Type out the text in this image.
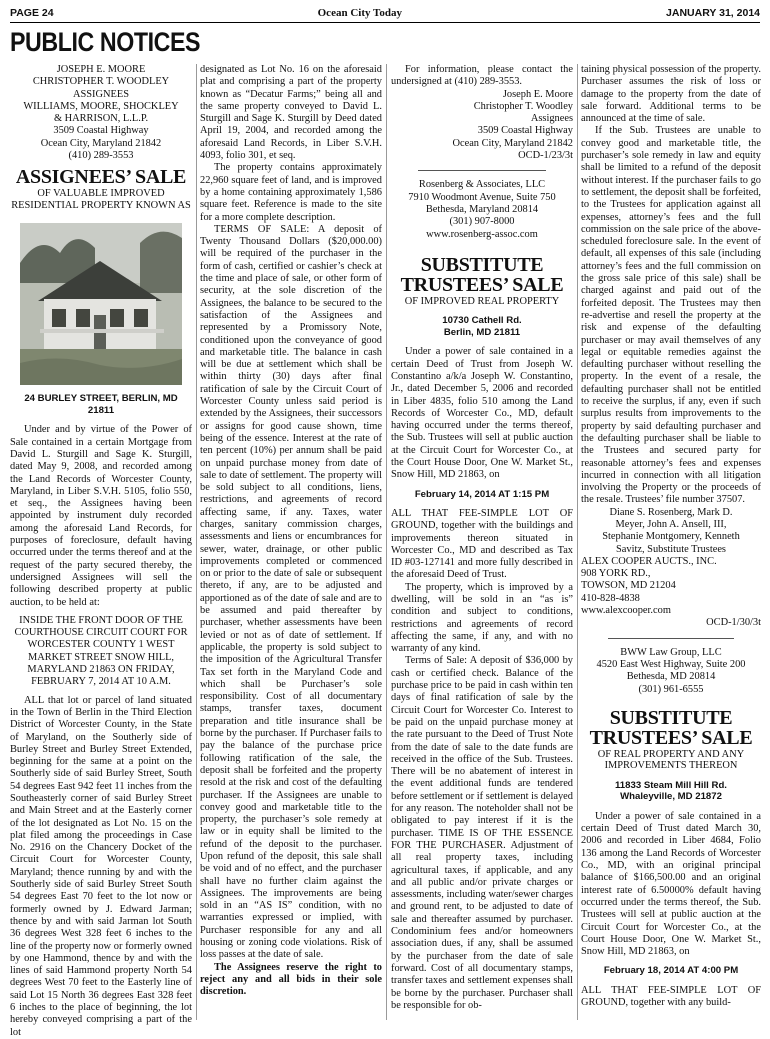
PAGE 24	Ocean City Today	JANUARY 31, 2014
PUBLIC NOTICES
JOSEPH E. MOORE
CHRISTOPHER T. WOODLEY
ASSIGNEES
WILLIAMS, MOORE, SHOCKLEY
& HARRISON, L.L.P.
3509 Coastal Highway
Ocean City, Maryland 21842
(410) 289-3553
ASSIGNEES’ SALE
OF VALUABLE IMPROVED RESIDENTIAL PROPERTY KNOWN AS
24 BURLEY STREET, BERLIN, MD 21811

Under and by virtue of the Power of Sale contained in a certain Mortgage from David L. Sturgill and Sage K. Sturgill, dated May 9, 2008, and recorded among the Land Records of Worcester County, Maryland, in Liber S.V.H. 5105, folio 550, et seq., the Assignees having been appointed by instrument duly recorded among the aforesaid Land Records, for purposes of foreclosure, default having occurred under the terms thereof and at the request of the party secured thereby, the undersigned Assignees will sell the following described property at public auction, to be held at:

INSIDE THE FRONT DOOR OF THE COURTHOUSE CIRCUIT COURT FOR WORCESTER COUNTY 1 WEST MARKET STREET SNOW HILL, MARYLAND 21863 ON FRIDAY, FEBRUARY 7, 2014 AT 10 A.M.

ALL that lot or parcel of land situated in the Town of Berlin in the Third Election District of Worcester County, in the State of Maryland, on the Southerly side of Burley Street and Burley Street Extended, beginning for the same at a point on the Southerly side of said Burley Street, South 54 degrees East 942 feet 11 inches from the Southeasterly corner of said Burley Street and Main Street and at the Easterly corner of the lot designated as Lot No. 15 on the plat filed among the proceedings in Case No. 2916 on the Chancery Docket of the Circuit Court for Worcester County, Maryland; thence running by and with the Southerly side of said Burley Street South 54 degrees East 70 feet to the lot now or formerly owned by J. Edward Jarman; thence by and with said Jarman lot South 36 degrees West 328 feet 6 inches to the line of the property now or formerly owned by one Hammond, thence by and with the lines of said Hammond property North 54 degrees West 70 feet to the Easterly line of said Lot 15 North 36 degrees East 328 feet 6 inches to the place of beginning, the lot hereby conveyed comprising a part of the lot

designated as Lot No. 16 on the aforesaid plat and comprising a part of the property known as “Decatur Farms;” being all and the same property conveyed to David L. Sturgill and Sage K. Sturgill by Deed dated April 19, 2004, and recorded among the aforesaid Land Records, in Liber S.V.H. 4093, folio 301, et seq.

The property contains approximately 22,960 square feet of land, and is improved by a home containing approximately 1,586 square feet. Reference is made to the site for a more complete description.

TERMS OF SALE: A deposit of Twenty Thousand Dollars ($20,000.00) will be required of the purchaser in the form of cash, certified or cashier’s check at the time and place of sale, or other form of security, at the sole discretion of the Assignees, the balance to be secured to the satisfaction of the Assignees and represented by a Promissory Note, conditioned upon the conveyance of good and marketable title. The balance in cash will be due at settlement which shall be within thirty (30) days after final ratification of sale by the Circuit Court of Worcester County unless said period is extended by the Assignees, their successors or assigns for good cause shown, time being of the essence. Interest at the rate of ten percent (10%) per annum shall be paid on unpaid purchase money from date of sale to date of settlement. The property will be sold subject to all conditions, liens, restrictions, and agreements of record affecting same, if any. Taxes, water charges, sanitary commission charges, assessments and liens or encumbrances for sewer, water, drainage, or other public improvements completed or commenced on or prior to the date of sale or subsequent thereto, if any, are to be adjusted and apportioned as of the date of sale and are to be assumed and paid thereafter by purchaser, whether assessments have been levied or not as of date of settlement. If applicable, the property is sold subject to the imposition of the Agricultural Transfer Tax set forth in the Maryland Code and which shall be Purchaser’s sole responsibility. Cost of all documentary stamps, transfer taxes, document preparation and title insurance shall be borne by the purchaser. If Purchaser fails to pay the balance of the purchase price following ratification of the sale, the deposit shall be forfeited and the property resold at the risk and cost of the defaulting purchaser. If the Assignees are unable to convey good and marketable title to the property, the purchaser’s sole remedy at law or in equity shall be limited to the refund of the deposit to the purchaser. Upon refund of the deposit, this sale shall be void and of no effect, and the purchaser shall have no further claim against the Assignees. The improvements are being sold in an “AS IS” condition, with no warranties expressed or implied, with Purchaser responsible for any and all housing or zoning code violations. Risk of loss passes at the date of sale.

The Assignees reserve the right to reject any and all bids in their sole discretion.

For information, please contact the undersigned at (410) 289-3553.

Joseph E. Moore
Christopher T. Woodley
Assignees
3509 Coastal Highway
Ocean City, Maryland 21842
OCD-1/23/3t
Rosenberg & Associates, LLC
7910 Woodmont Avenue, Suite 750
Bethesda, Maryland 20814
(301) 907-8000
www.rosenberg-assoc.com
SUBSTITUTE TRUSTEES’ SALE
OF IMPROVED REAL PROPERTY
10730 Cathell Rd.
Berlin, MD 21811

Under a power of sale contained in a certain Deed of Trust from Joseph W. Constantino a/k/a Joseph W. Constantino, Jr., dated December 5, 2006 and recorded in Liber 4835, folio 510 among the Land Records of Worcester Co., MD, default having occurred under the terms thereof, the Sub. Trustees will sell at public auction at the Circuit Court for Worcester Co., at the Court House Door, One W. Market St., Snow Hill, MD 21863, on

February 14, 2014 AT 1:15 PM

ALL THAT FEE-SIMPLE LOT OF GROUND, together with the buildings and improvements thereon situated in Worcester Co., MD and described as Tax ID #03-127141 and more fully described in the aforesaid Deed of Trust.

The property, which is improved by a dwelling, will be sold in an “as is” condition and subject to conditions, restrictions and agreements of record affecting the same, if any, and with no warranty of any kind.

Terms of Sale: A deposit of $36,000 by cash or certified check. Balance of the purchase price to be paid in cash within ten days of final ratification of sale by the Circuit Court for Worcester Co. Interest to be paid on the unpaid purchase money at the rate pursuant to the Deed of Trust Note from the date of sale to the date funds are received in the office of the Sub. Trustees. There will be no abatement of interest in the event additional funds are tendered before settlement or if settlement is delayed for any reason. The noteholder shall not be obligated to pay interest if it is the purchaser. TIME IS OF THE ESSENCE FOR THE PURCHASER. Adjustment of all real property taxes, including agricultural taxes, if applicable, and any and all public and/or private charges or assessments, including water/sewer charges and ground rent, to be adjusted to date of sale and thereafter assumed by purchaser. Condominium fees and/or homeowners association dues, if any, shall be assumed by the purchaser from the date of sale forward. Cost of all documentary stamps, transfer taxes and settlement expenses shall be borne by the purchaser. Purchaser shall be responsible for ob-

taining physical possession of the property. Purchaser assumes the risk of loss or damage to the property from the date of sale forward. Additional terms to be announced at the time of sale.

If the Sub. Trustees are unable to convey good and marketable title, the purchaser’s sole remedy in law and equity shall be limited to a refund of the deposit without interest. If the purchaser fails to go to settlement, the deposit shall be forfeited, to the Trustees for application against all expenses, attorney’s fees and the full commission on the sale price of the above-scheduled foreclosure sale. In the event of default, all expenses of this sale (including attorney’s fees and the full commission on the gross sale price of this sale) shall be charged against and paid out of the forfeited deposit. The Trustees may then re-advertise and resell the property at the risk and expense of the defaulting purchaser or may avail themselves of any legal or equitable remedies against the defaulting purchaser without reselling the property. In the event of a resale, the defaulting purchaser shall not be entitled to receive the surplus, if any, even if such surplus results from improvements to the property by said defaulting purchaser and the defaulting purchaser shall be liable to the Trustees and secured party for reasonable attorney’s fees and expenses incurred in connection with all litigation involving the Property or the proceeds of the resale. Trustees’ file number 37507.

Diane S. Rosenberg, Mark D.
Meyer, John A. Ansell, III,
Stephanie Montgomery, Kenneth
Savitz, Substitute Trustees
ALEX COOPER AUCTS., INC.
908 YORK RD.,
TOWSON, MD 21204
410-828-4838
www.alexcooper.com
OCD-1/30/3t
BWW Law Group, LLC
4520 East West Highway, Suite 200
Bethesda, MD 20814
(301) 961-6555
SUBSTITUTE TRUSTEES’ SALE
OF REAL PROPERTY AND ANY IMPROVEMENTS THEREON
11833 Steam Mill Hill Rd.
Whaleyville, MD 21872

Under a power of sale contained in a certain Deed of Trust dated March 30, 2006 and recorded in Liber 4684, Folio 136 among the Land Records of Worcester Co., MD, with an original principal balance of $166,500.00 and an original interest rate of 6.50000% default having occurred under the terms thereof, the Sub. Trustees will sell at public auction at the Circuit Court for Worcester Co., at the Court House Door, One W. Market St., Snow Hill, MD 21863, on

February 18, 2014 AT 4:00 PM

ALL THAT FEE-SIMPLE LOT OF GROUND, together with any build-
